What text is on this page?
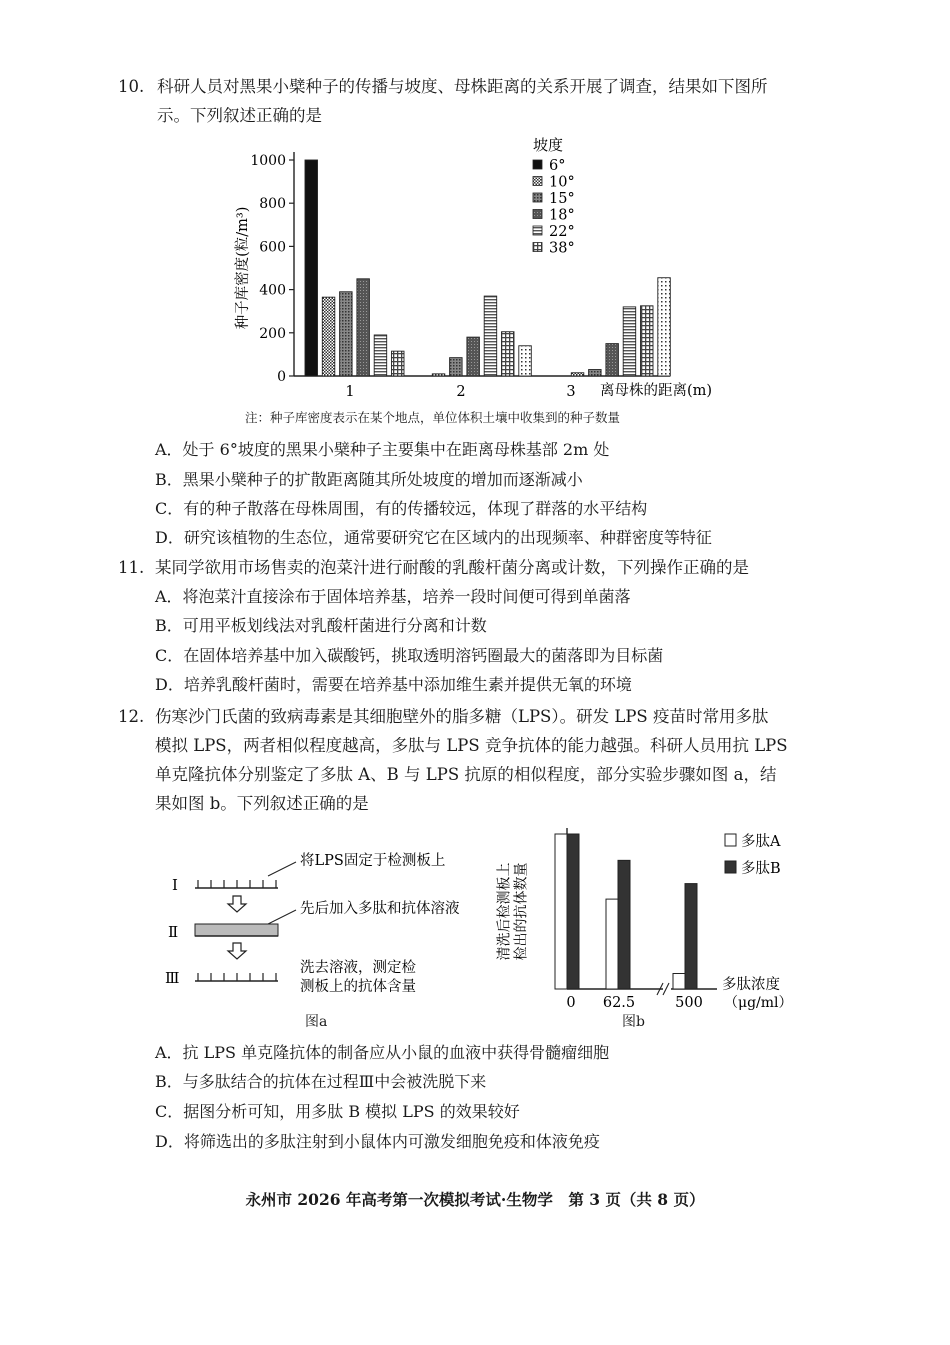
10. 科研人员对黑果小檗种子的传播与坡度、母株距离的关系开展了调查，结果如下图所
示。下列叙述正确的是
0
200
400
600
800
1000
种子库密度(粒/m³)
1	2	3 离母株的距离(m)
坡度
6°
10°
15°
18°
22°
38°
注：种子库密度表示在某个地点，单位体积土壤中收集到的种子数量
A．处于 6°坡度的黑果小檗种子主要集中在距离母株基部 2m 处
B．黑果小檗种子的扩散距离随其所处坡度的增加而逐渐减小
C．有的种子散落在母株周围，有的传播较远，体现了群落的水平结构
D．研究该植物的生态位，通常要研究它在区域内的出现频率、种群密度等特征
11. 某同学欲用市场售卖的泡菜汁进行耐酸的乳酸杆菌分离或计数，下列操作正确的是
A．将泡菜汁直接涂布于固体培养基，培养一段时间便可得到单菌落
B．可用平板划线法对乳酸杆菌进行分离和计数
C．在固体培养基中加入碳酸钙，挑取透明溶钙圈最大的菌落即为目标菌
D．培养乳酸杆菌时，需要在培养基中添加维生素并提供无氧的环境
12. 伤寒沙门氏菌的致病毒素是其细胞壁外的脂多糖（LPS）。研发 LPS 疫苗时常用多肽
模拟 LPS，两者相似程度越高，多肽与 LPS 竞争抗体的能力越强。科研人员用抗 LPS
单克隆抗体分别鉴定了多肽 A、B 与 LPS 抗原的相似程度，部分实验步骤如图 a，结
果如图 b。下列叙述正确的是
Ⅰ
Ⅱ
Ⅲ
将LPS固定于检测板上
先后加入多肽和抗体溶液
洗去溶液，测定检
测板上的抗体含量
图a
清洗后检测板上检出的抗体数量
0 62.5	500
多肽浓度
（μg/ml）
多肽A
多肽B
图b
A．抗 LPS 单克隆抗体的制备应从小鼠的血液中获得骨髓瘤细胞
B．与多肽结合的抗体在过程Ⅲ中会被洗脱下来
C．据图分析可知，用多肽 B 模拟 LPS 的效果较好
D．将筛选出的多肽注射到小鼠体内可激发细胞免疫和体液免疫
永州市 2026 年高考第一次模拟考试·生物学　第 3 页（共 8 页）
